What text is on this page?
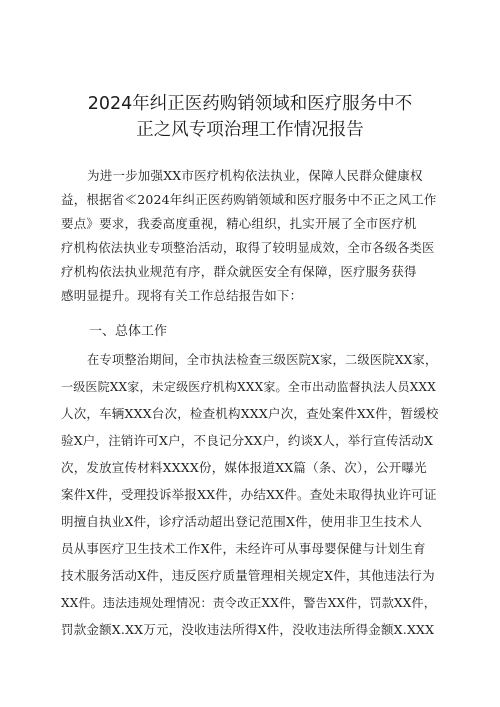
2024年纠正医药购销领域和医疗服务中不
正之风专项治理工作情况报告
为进一步加强XX市医疗机构依法执业，保障人民群众健康权
益，根据省≪2024年纠正医药购销领域和医疗服务中不正之风工作
要点》要求，我委高度重视，精心组织，扎实开展了全市医疗机
疗机构依法执业专项整治活动，取得了较明显成效，全市各级各类医
疗机构依法执业规范有序，群众就医安全有保障，医疗服务获得
感明显提升。现将有关工作总结报告如下：
一、总体工作
在专项整治期间，全市执法检查三级医院X家，二级医院XX家，
一级医院XX家，未定级医疗机构XXX家。全市出动监督执法人员XXX
人次，车辆XXX台次，检查机构XXX户次，查处案件XX件，暂缓校
验X户，注销许可X户，不良记分XX户，约谈X人，举行宣传活动X
次，发放宣传材料XXXX份，媒体报道XX篇（条、次），公开曝光
案件X件，受理投诉举报XX件，办结XX件。查处未取得执业许可证
明擅自执业X件，诊疗活动超出登记范围X件，使用非卫生技术人
员从事医疗卫生技术工作X件，未经许可从事母婴保健与计划生育
技术服务活动X件，违反医疗质量管理相关规定X件，其他违法行为
XX件。违法违规处理情况：责令改正XX件，警告XX件，罚款XX件，
罚款金额X.XX万元，没收违法所得X件，没收违法所得金额X.XXX
